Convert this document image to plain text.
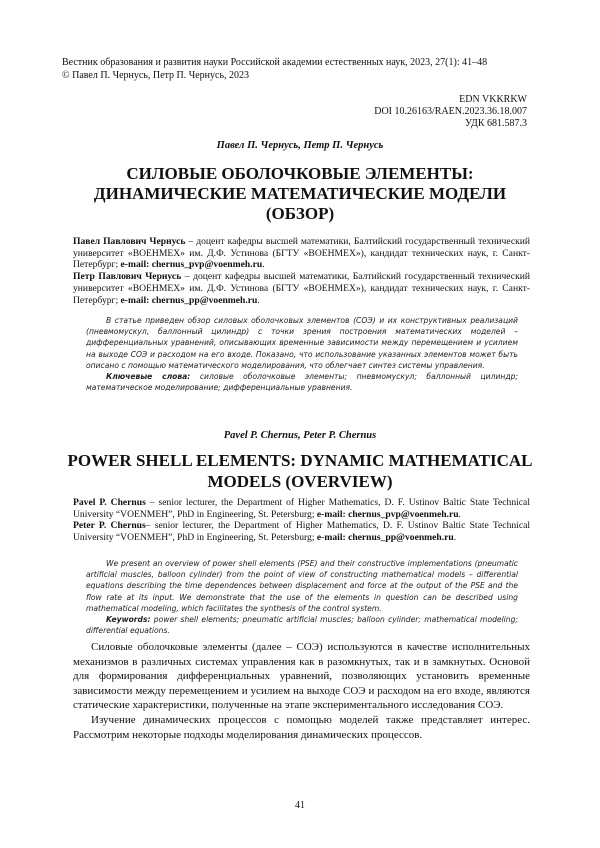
Вестник образования и развития науки Российской академии естественных наук, 2023, 27(1): 41–48
© Павел П. Чернусь, Петр П. Чернусь, 2023
EDN VKKRKW
DOI 10.26163/RAEN.2023.36.18.007
УДК 681.587.3
Павел П. Чернусь, Петр П. Чернусь
СИЛОВЫЕ ОБОЛОЧКОВЫЕ ЭЛЕМЕНТЫ: ДИНАМИЧЕСКИЕ МАТЕМАТИЧЕСКИЕ МОДЕЛИ (ОБЗОР)

Павел Павлович Чернусь – доцент кафедры высшей математики, Балтийский государственный технический университет «ВОЕНМЕХ» им. Д.Ф. Устинова (БГТУ «ВОЕНМЕХ»), кандидат технических наук, г. Санкт-Петербург; e-mail: chernus_pvp@voenmeh.ru.

Петр Павлович Чернусь – доцент кафедры высшей математики, Балтийский государственный технический университет «ВОЕНМЕХ» им. Д.Ф. Устинова (БГТУ «ВОЕНМЕХ»), кандидат технических наук, г. Санкт-Петербург; e-mail: chernus_pp@voenmeh.ru.

В статье приведен обзор силовых оболочковых элементов (СОЭ) и их конструктивных реализаций (пневмомускул, баллонный цилиндр) с точки зрения построения математических моделей – дифференциальных уравнений, описывающих временные зависимости между перемещением и усилием на выходе СОЭ и расходом на его входе. Показано, что использование указанных элементов может быть описано с помощью математического моделирования, что облегчает синтез системы управления.

Ключевые слова: силовые оболочковые элементы; пневмомускул; баллонный цилиндр; математическое моделирование; дифференциальные уравнения.

Pavel P. Chernus, Peter P. Chernus
POWER SHELL ELEMENTS: DYNAMIC MATHEMATICAL MODELS (OVERVIEW)

Pavel P. Chernus – senior lecturer, the Department of Higher Mathematics, D. F. Ustinov Baltic State Technical University “VOENMEH”, PhD in Engineering, St. Petersburg; e-mail: chernus_pvp@voenmeh.ru.

Peter P. Chernus– senior lecturer, the Department of Higher Mathematics, D. F. Ustinov Baltic State Technical University “VOENMEH”, PhD in Engineering, St. Petersburg; e-mail: chernus_pp@voenmeh.ru.

We present an overview of power shell elements (PSE) and their constructive implementations (pneumatic artificial muscles, balloon cylinder) from the point of view of constructing mathematical models – differential equations describing the time dependences between displacement and force at the output of the PSE and the flow rate at its input. We demonstrate that the use of the elements in question can be described using mathematical modeling, which facilitates the synthesis of the control system.

Keywords: power shell elements; pneumatic artificial muscles; balloon cylinder; mathematical modeling; differential equations.

Силовые оболочковые элементы (далее – СОЭ) используются в качестве исполнительных механизмов в различных системах управления как в разомкнутых, так и в замкнутых. Основой для формирования дифференциальных уравнений, позволяющих установить временные зависимости между перемещением и усилием на выходе СОЭ и расходом на его входе, являются статические характеристики, полученные на этапе экспериментального исследования СОЭ.

Изучение динамических процессов с помощью моделей также представляет интерес. Рассмотрим некоторые подходы моделирования динамических процессов.

41
